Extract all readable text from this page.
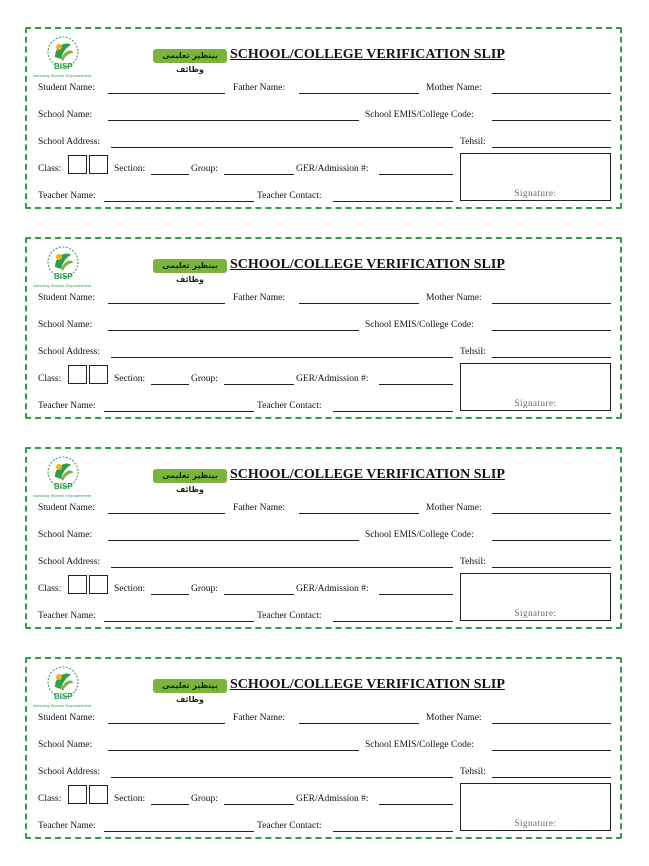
BISP
Nurturing Women Empowerment
بینظیر تعلیمی وظائف
SCHOOL/COLLEGE VERIFICATION SLIP
Student Name:	Father Name:	Mother Name:
School Name:	School EMIS/College Code:
School Address:	Tehsil:
Class:	Section:	Group:	GER/Admission #:
Teacher Name:	Teacher Contact:	Signature:
BISP
Nurturing Women Empowerment
بینظیر تعلیمی وظائف
SCHOOL/COLLEGE VERIFICATION SLIP
Student Name:	Father Name:	Mother Name:
School Name:	School EMIS/College Code:
School Address:	Tehsil:
Class:	Section:	Group:	GER/Admission #:
Teacher Name:	Teacher Contact:	Signature:
BISP
Nurturing Women Empowerment
بینظیر تعلیمی وظائف
SCHOOL/COLLEGE VERIFICATION SLIP
Student Name:	Father Name:	Mother Name:
School Name:	School EMIS/College Code:
School Address:	Tehsil:
Class:	Section:	Group:	GER/Admission #:
Teacher Name:	Teacher Contact:	Signature:
BISP
Nurturing Women Empowerment
بینظیر تعلیمی وظائف
SCHOOL/COLLEGE VERIFICATION SLIP
Student Name:	Father Name:	Mother Name:
School Name:	School EMIS/College Code:
School Address:	Tehsil:
Class:	Section:	Group:	GER/Admission #:
Teacher Name:	Teacher Contact:	Signature:
